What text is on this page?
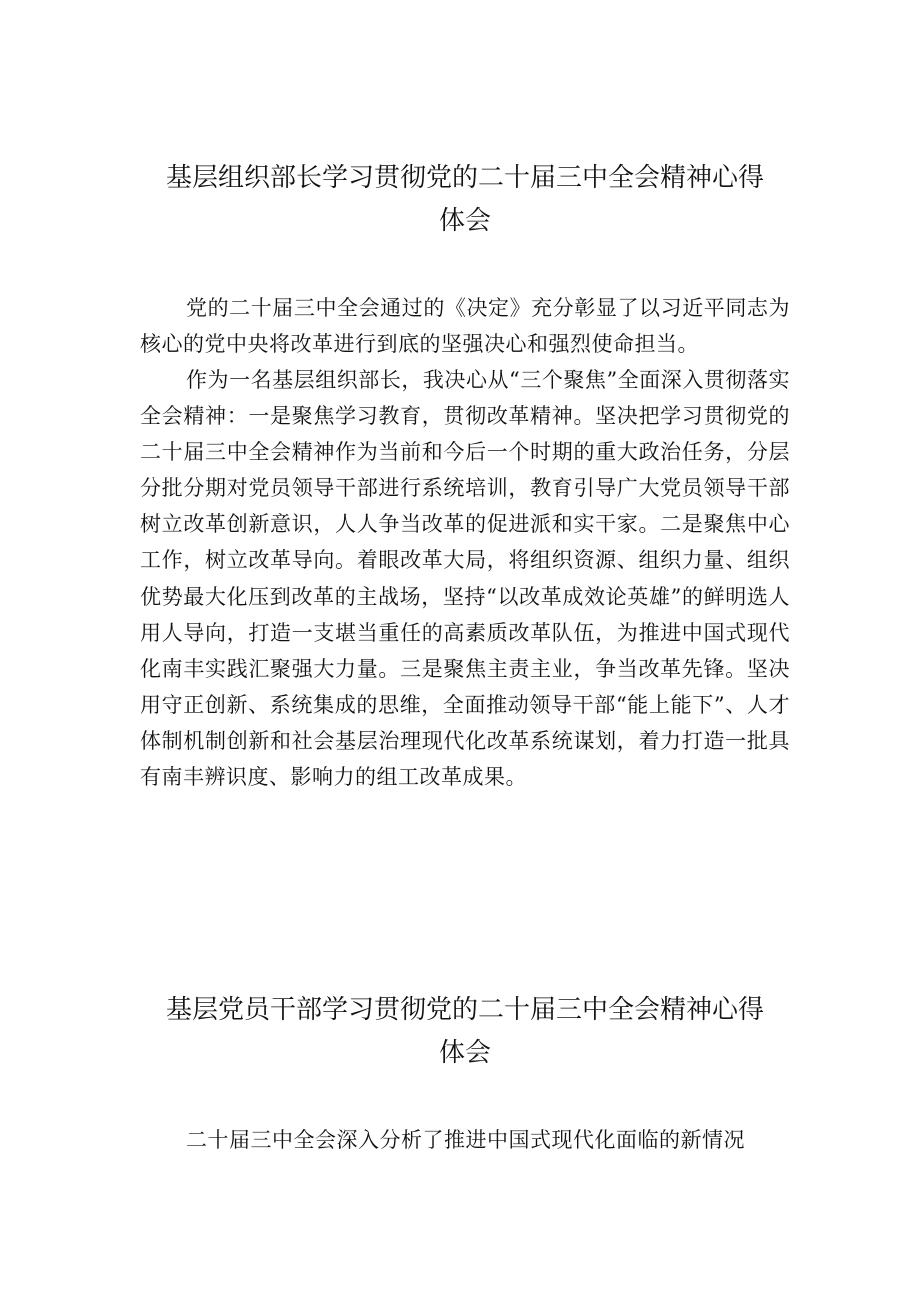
基层组织部长学习贯彻党的二十届三中全会精神心得
体会

党的二十届三中全会通过的《决定》充分彰显了以习近平同志为核心的党中央将改革进行到底的坚强决心和强烈使命担当。

作为一名基层组织部长，我决心从“三个聚焦”全面深入贯彻落实全会精神：一是聚焦学习教育，贯彻改革精神。坚决把学习贯彻党的二十届三中全会精神作为当前和今后一个时期的重大政治任务，分层分批分期对党员领导干部进行系统培训，教育引导广大党员领导干部树立改革创新意识，人人争当改革的促进派和实干家。二是聚焦中心工作，树立改革导向。着眼改革大局，将组织资源、组织力量、组织优势最大化压到改革的主战场，坚持“以改革成效论英雄”的鲜明选人用人导向，打造一支堪当重任的高素质改革队伍，为推进中国式现代化南丰实践汇聚强大力量。三是聚焦主责主业，争当改革先锋。坚决用守正创新、系统集成的思维，全面推动领导干部“能上能下”、人才体制机制创新和社会基层治理现代化改革系统谋划，着力打造一批具有南丰辨识度、影响力的组工改革成果。

基层党员干部学习贯彻党的二十届三中全会精神心得
体会

二十届三中全会深入分析了推进中国式现代化面临的新情况
